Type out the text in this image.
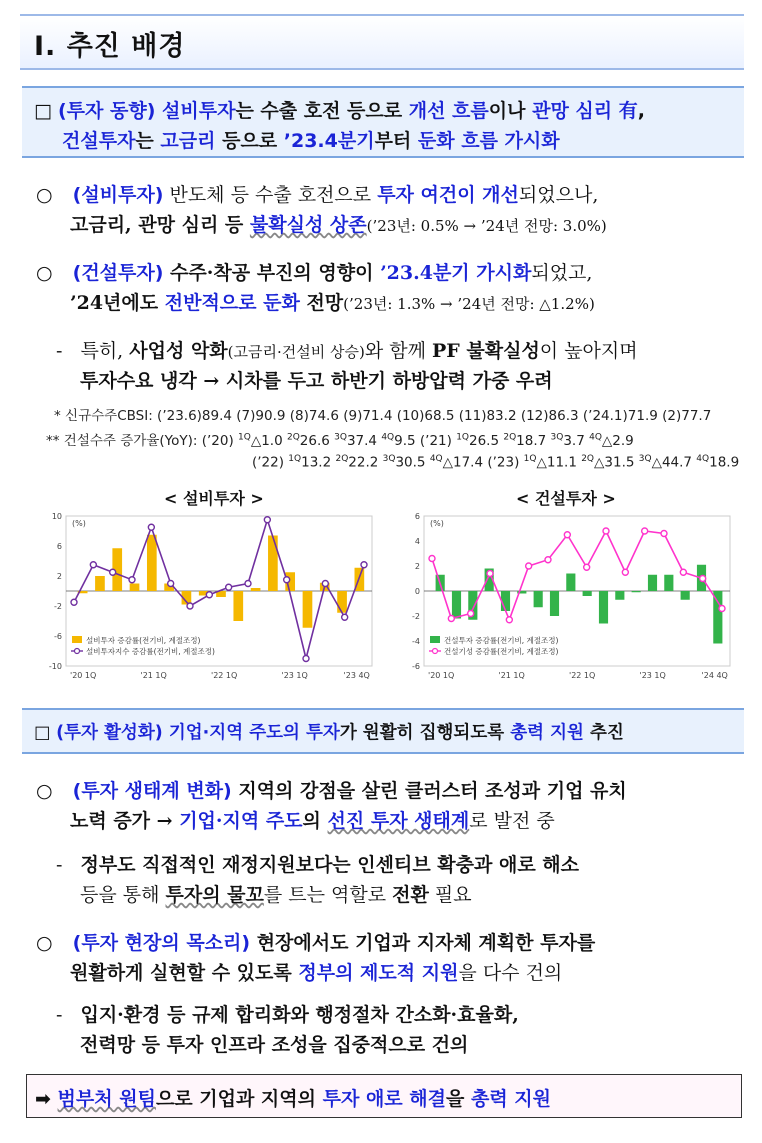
Ⅰ. 추진 배경
□ (투자 동향) 설비투자는 수출 호전 등으로 개선 흐름이나 관망 심리 有,
건설투자는 고금리 등으로 ’23.4분기부터 둔화 흐름 가시화
○ (설비투자) 반도체 등 수출 호전으로 투자 여건이 개선되었으나,
고금리, 관망 심리 등 불확실성 상존(’23년: 0.5% → ’24년 전망: 3.0%)
○ (건설투자) 수주·착공 부진의 영향이 ’23.4분기 가시화되었고,
’24년에도 전반적으로 둔화 전망(’23년: 1.3% → ’24년 전망: △1.2%)
- 특히, 사업성 악화(고금리·건설비 상승)와 함께 PF 불확실성이 높아지며
투자수요 냉각 → 시차를 두고 하반기 하방압력 가중 우려
* 신규수주CBSI: (’23.6)89.4 (7)90.9 (8)74.6 (9)71.4 (10)68.5 (11)83.2 (12)86.3 (’24.1)71.9 (2)77.7
** 건설수주 증가율(YoY): (’20) $^{1Q}$△1.0 $^{2Q}$26.6 $^{3Q}$37.4 $^{4Q}$9.5 (’21) $^{1Q}$26.5 $^{2Q}$18.7 $^{3Q}$3.7 $^{4Q}$△2.9
(’22) $^{1Q}$13.2 $^{2Q}$22.2 $^{3Q}$30.5 $^{4Q}$△17.4 (’23) $^{1Q}$△11.1 $^{2Q}$△31.5 $^{3Q}$△44.7 $^{4Q}$18.9
< 설비투자 >	< 건설투자 >
10
6
2
-2
-6
-10
(%)
설비투자 증감률(전기비, 계절조정)
설비투자지수 증감률(전기비, 계절조정)
'20 1Q	'21 1Q	'22 1Q	'23 1Q	'23 4Q
6
4
2
0
-2
-4
-6
(%)
건설투자 증감률(전기비, 계절조정)
건설기성 증감률(전기비, 계절조정)
'20 1Q	'21 1Q	'22 1Q	'23 1Q	'24 4Q
□ (투자 활성화) 기업·지역 주도의 투자가 원활히 집행되도록 총력 지원 추진
○ (투자 생태계 변화) 지역의 강점을 살린 클러스터 조성과 기업 유치
노력 증가 → 기업·지역 주도의 선진 투자 생태계로 발전 중
- 정부도 직접적인 재정지원보다는 인센티브 확충과 애로 해소
등을 통해 투자의 물꼬를 트는 역할로 전환 필요
○ (투자 현장의 목소리) 현장에서도 기업과 지자체 계획한 투자를
원활하게 실현할 수 있도록 정부의 제도적 지원을 다수 건의
- 입지·환경 등 규제 합리화와 행정절차 간소화·효율화,
전력망 등 투자 인프라 조성을 집중적으로 건의
➡ 범부처 원팀으로 기업과 지역의 투자 애로 해결을 총력 지원
